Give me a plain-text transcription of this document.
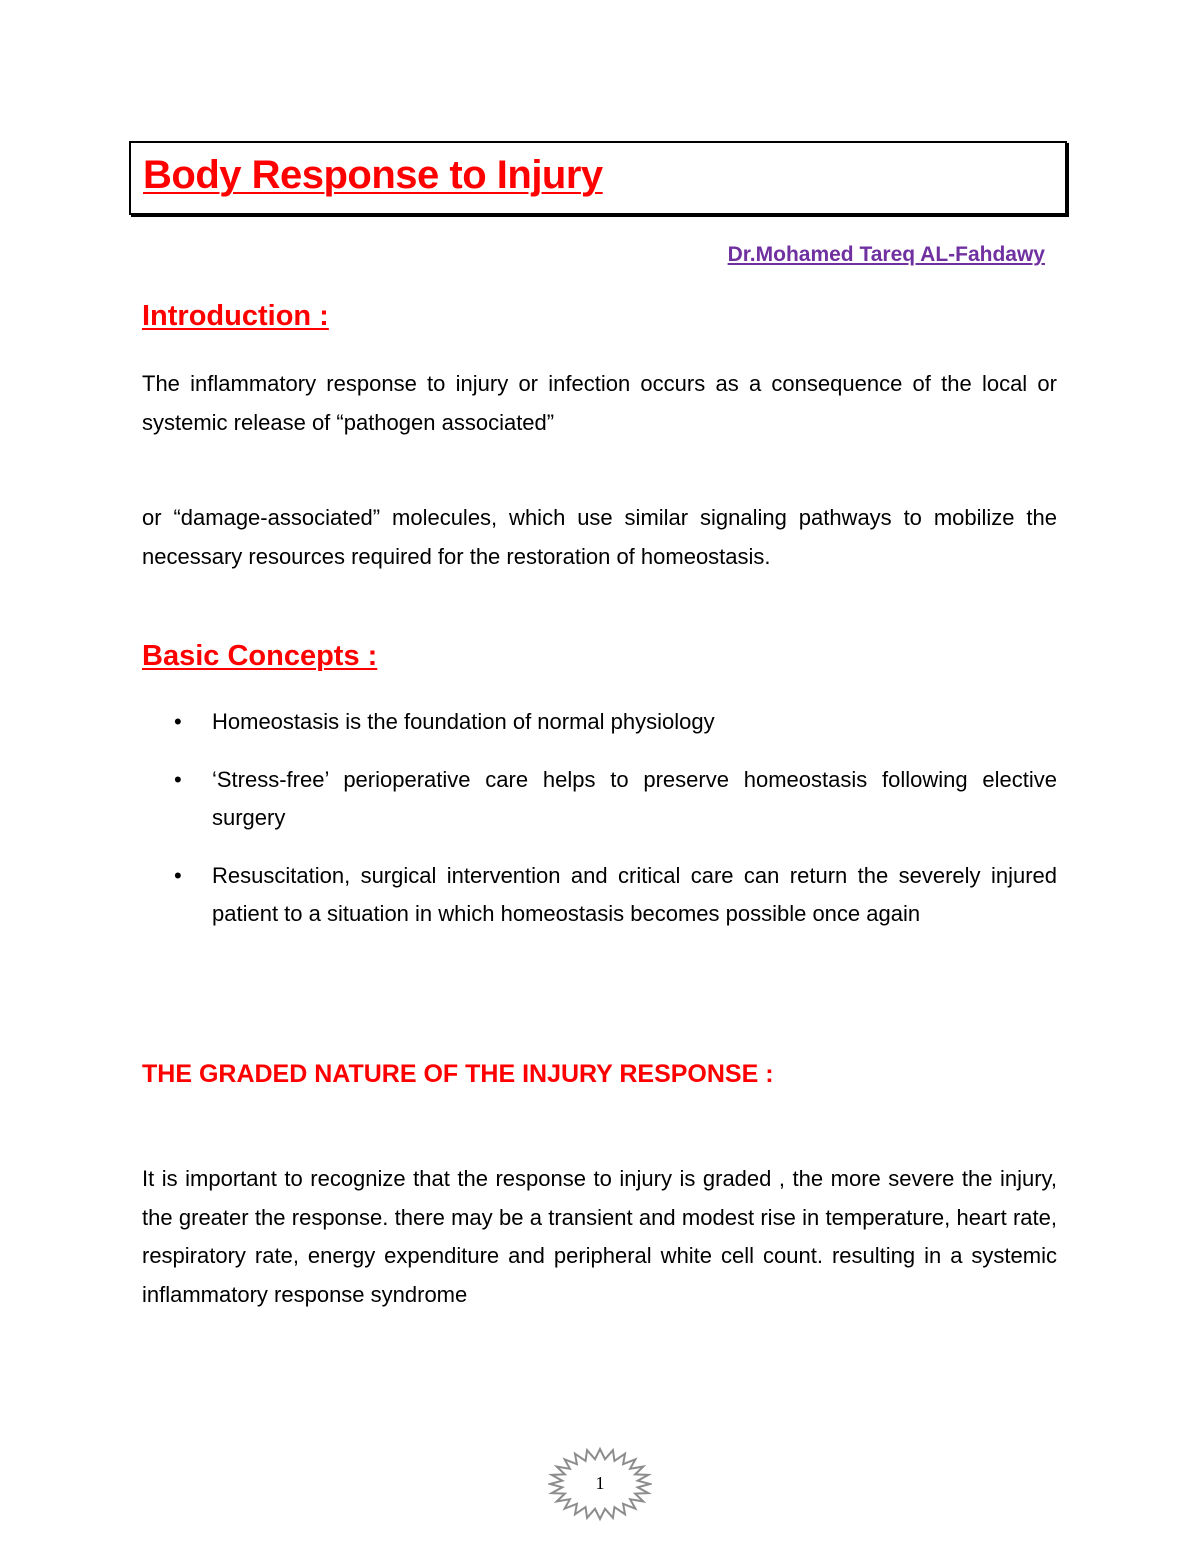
Body Response to Injury
Dr.Mohamed Tareq AL-Fahdawy
Introduction :

The inflammatory response to injury or infection occurs as a consequence of the local or systemic release of “pathogen associated”

or “damage-associated” molecules, which use similar signaling pathways to mobilize the necessary resources required for the restoration of homeostasis.

Basic Concepts :
• Homeostasis is the foundation of normal physiology
• ‘Stress-free’ perioperative care helps to preserve homeostasis following elective surgery
• Resuscitation, surgical intervention and critical care can return the severely injured patient to a situation in which homeostasis becomes possible once again
THE GRADED NATURE OF THE INJURY RESPONSE :

It is important to recognize that the response to injury is graded , the more severe the injury, the greater the response. there may be a transient and modest rise in temperature, heart rate, respiratory rate, energy expenditure and peripheral white cell count. resulting in a systemic inflammatory response syndrome

1
